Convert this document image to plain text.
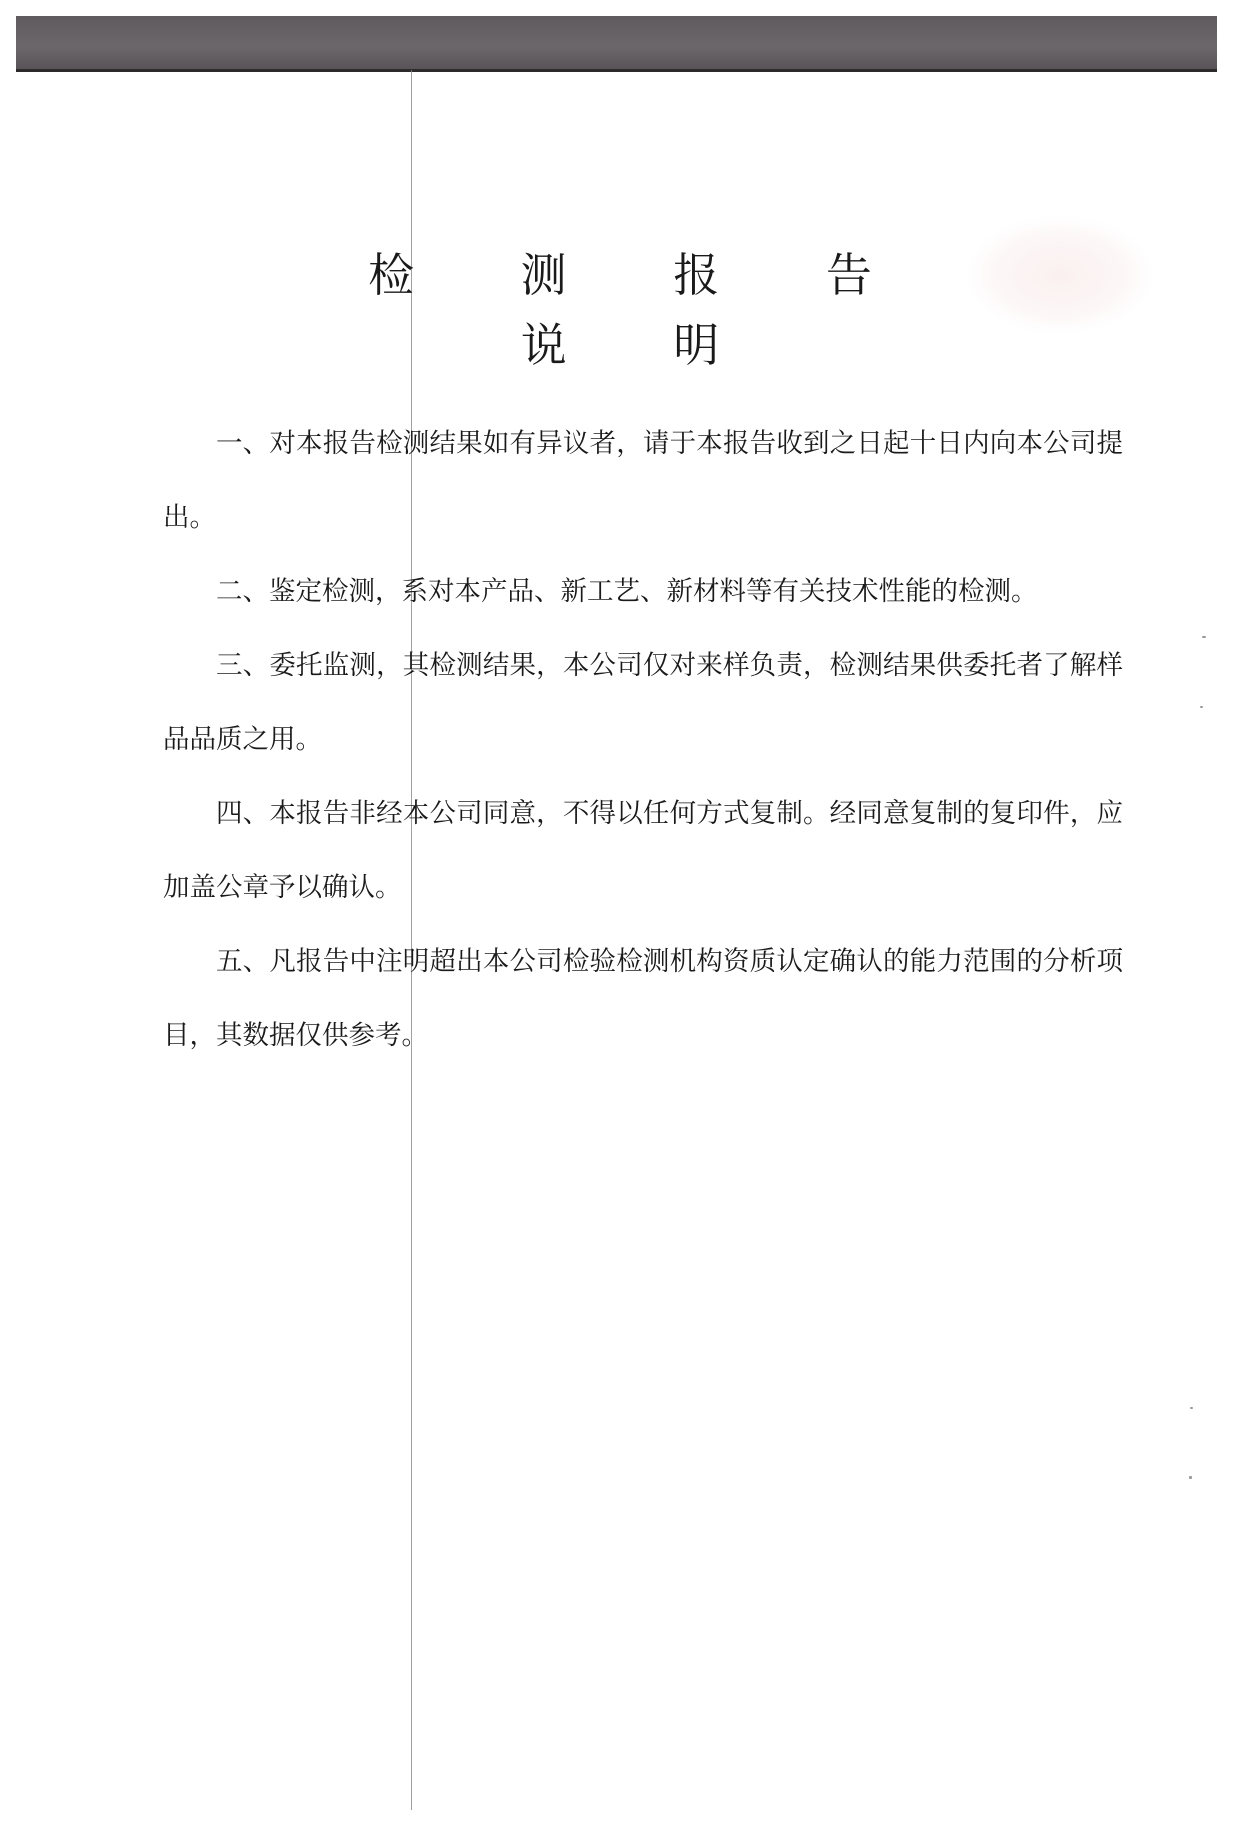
检 测 报 告 说 明

一、对本报告检测结果如有异议者，请于本报告收到之日起十日内向本公司提出。

二、鉴定检测，系对本产品、新工艺、新材料等有关技术性能的检测。

三、委托监测，其检测结果，本公司仅对来样负责，检测结果供委托者了解样品品质之用。

四、本报告非经本公司同意，不得以任何方式复制。经同意复制的复印件，应加盖公章予以确认。

五、凡报告中注明超出本公司检验检测机构资质认定确认的能力范围的分析项目，其数据仅供参考。
